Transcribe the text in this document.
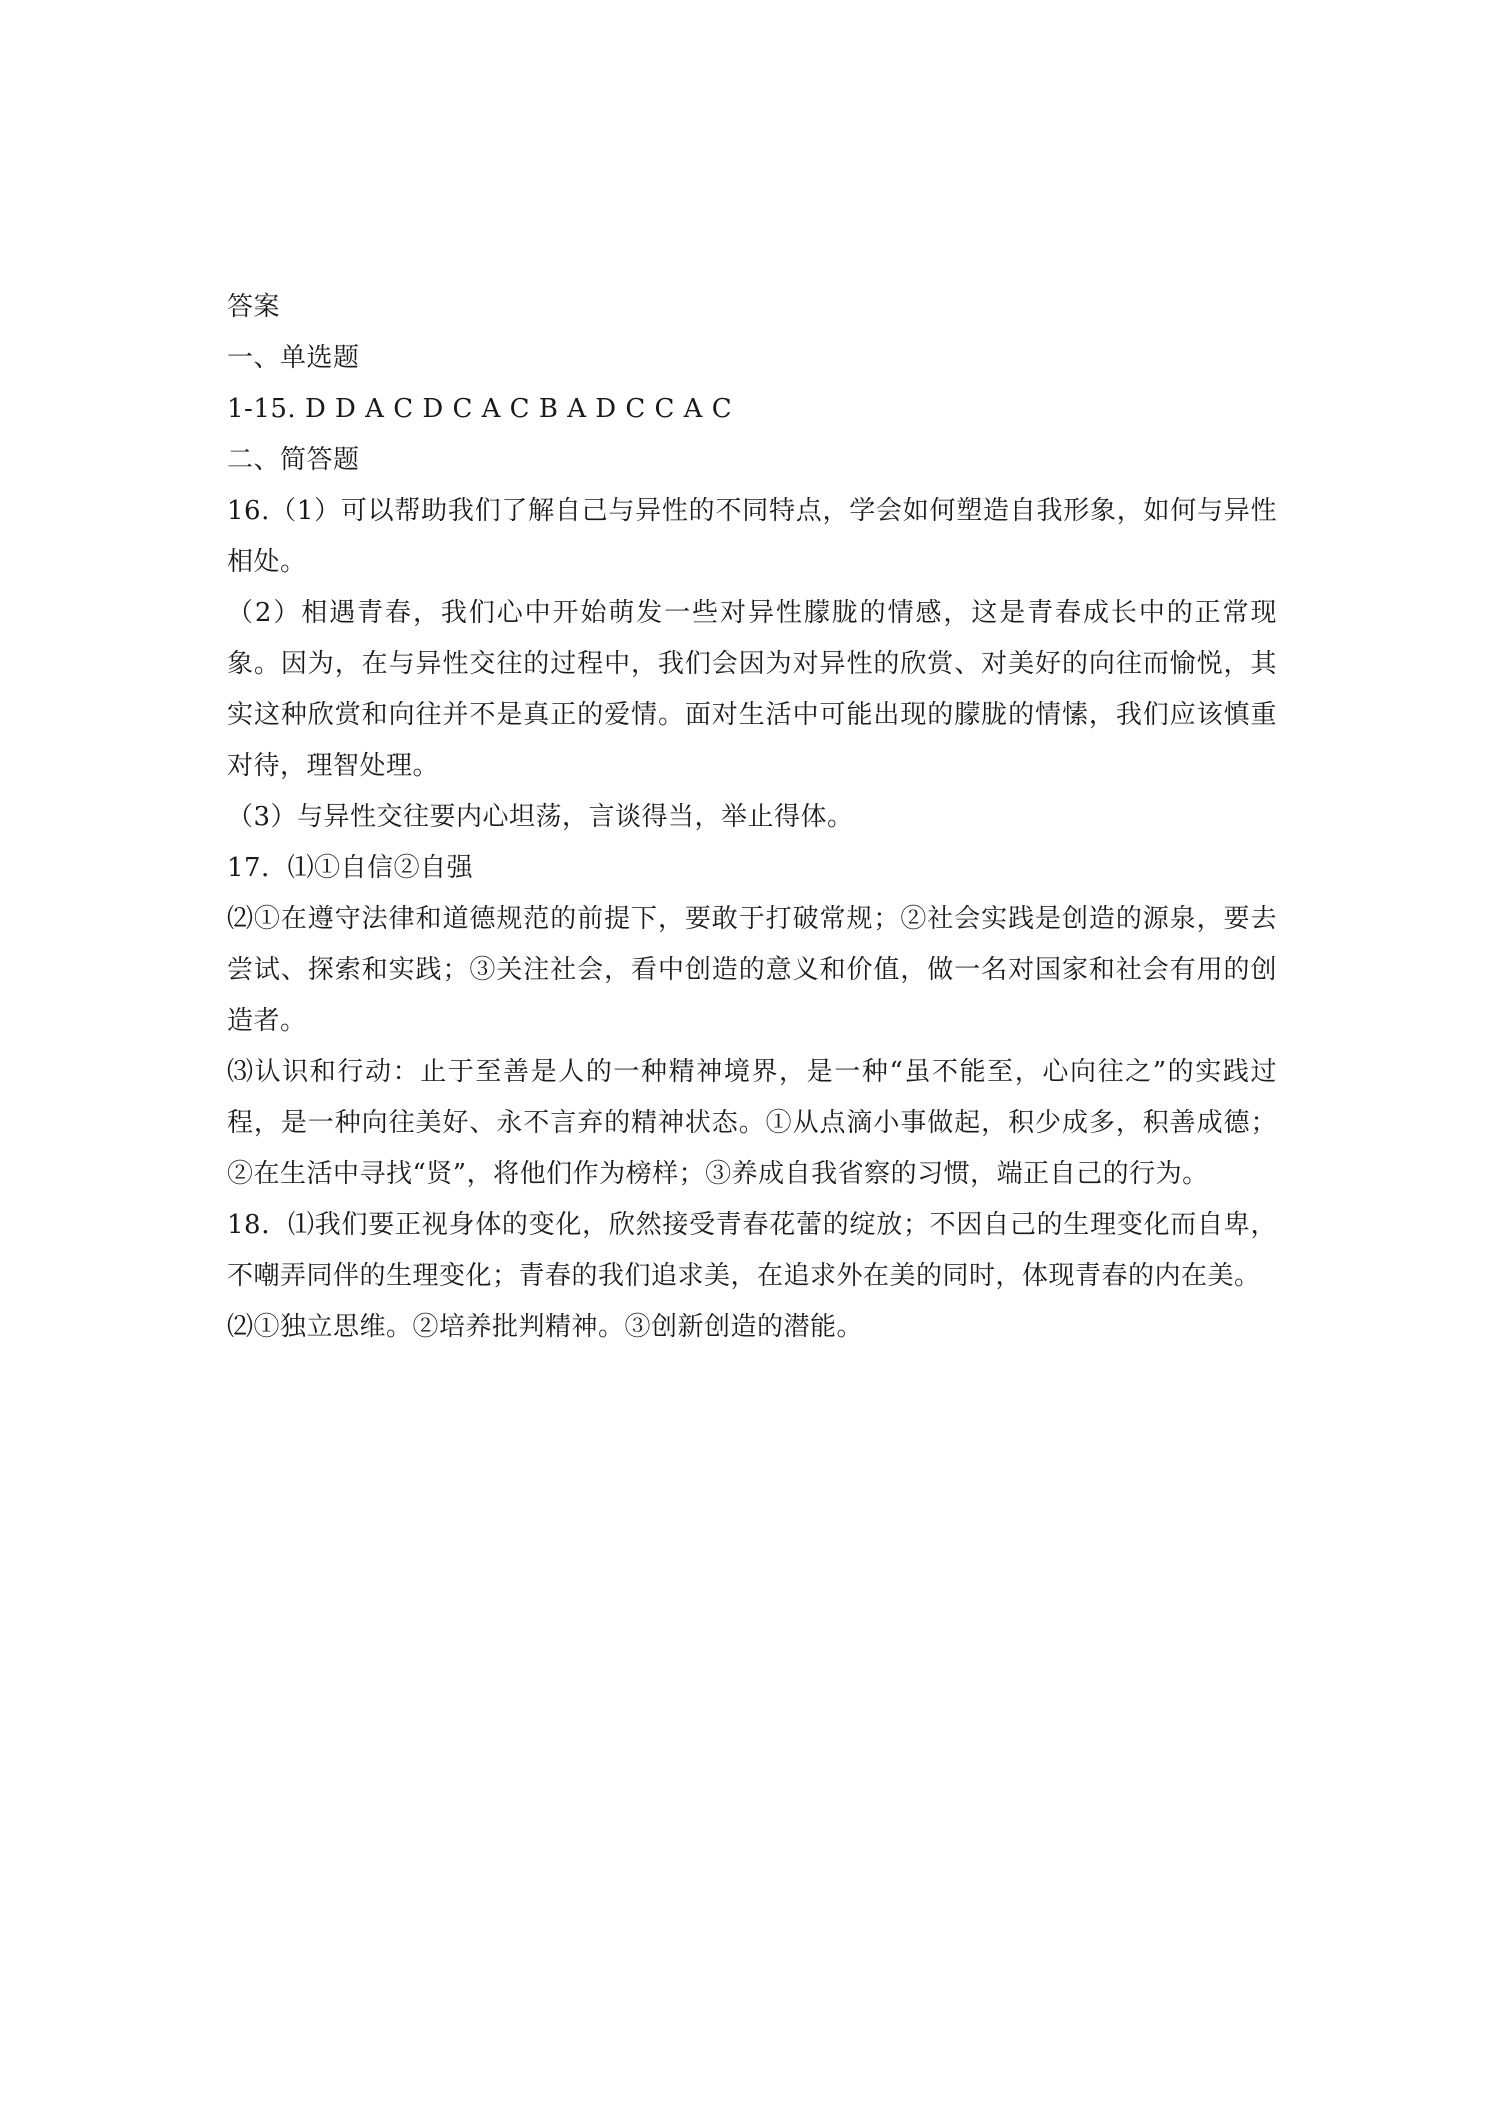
答案
一、单选题
1-15. D D A C D C A C B A D C C A C
二、简答题

16.（1）可以帮助我们了解自己与异性的不同特点，学会如何塑造自我形象，如何与异性相处。

（2）相遇青春，我们心中开始萌发一些对异性朦胧的情感，这是青春成长中的正常现象。因为，在与异性交往的过程中，我们会因为对异性的欣赏、对美好的向往而愉悦，其实这种欣赏和向往并不是真正的爱情。面对生活中可能出现的朦胧的情愫，我们应该慎重对待，理智处理。

（3）与异性交往要内心坦荡，言谈得当，举止得体。

17．⑴①自信②自强

⑵①在遵守法律和道德规范的前提下，要敢于打破常规；②社会实践是创造的源泉，要去尝试、探索和实践；③关注社会，看中创造的意义和价值，做一名对国家和社会有用的创造者。

⑶认识和行动：止于至善是人的一种精神境界，是一种“虽不能至，心向往之”的实践过程，是一种向往美好、永不言弃的精神状态。①从点滴小事做起，积少成多，积善成德；②在生活中寻找“贤”，将他们作为榜样；③养成自我省察的习惯，端正自己的行为。

18．⑴我们要正视身体的变化，欣然接受青春花蕾的绽放；不因自己的生理变化而自卑，不嘲弄同伴的生理变化；青春的我们追求美，在追求外在美的同时，体现青春的内在美。

⑵①独立思维。②培养批判精神。③创新创造的潜能。
